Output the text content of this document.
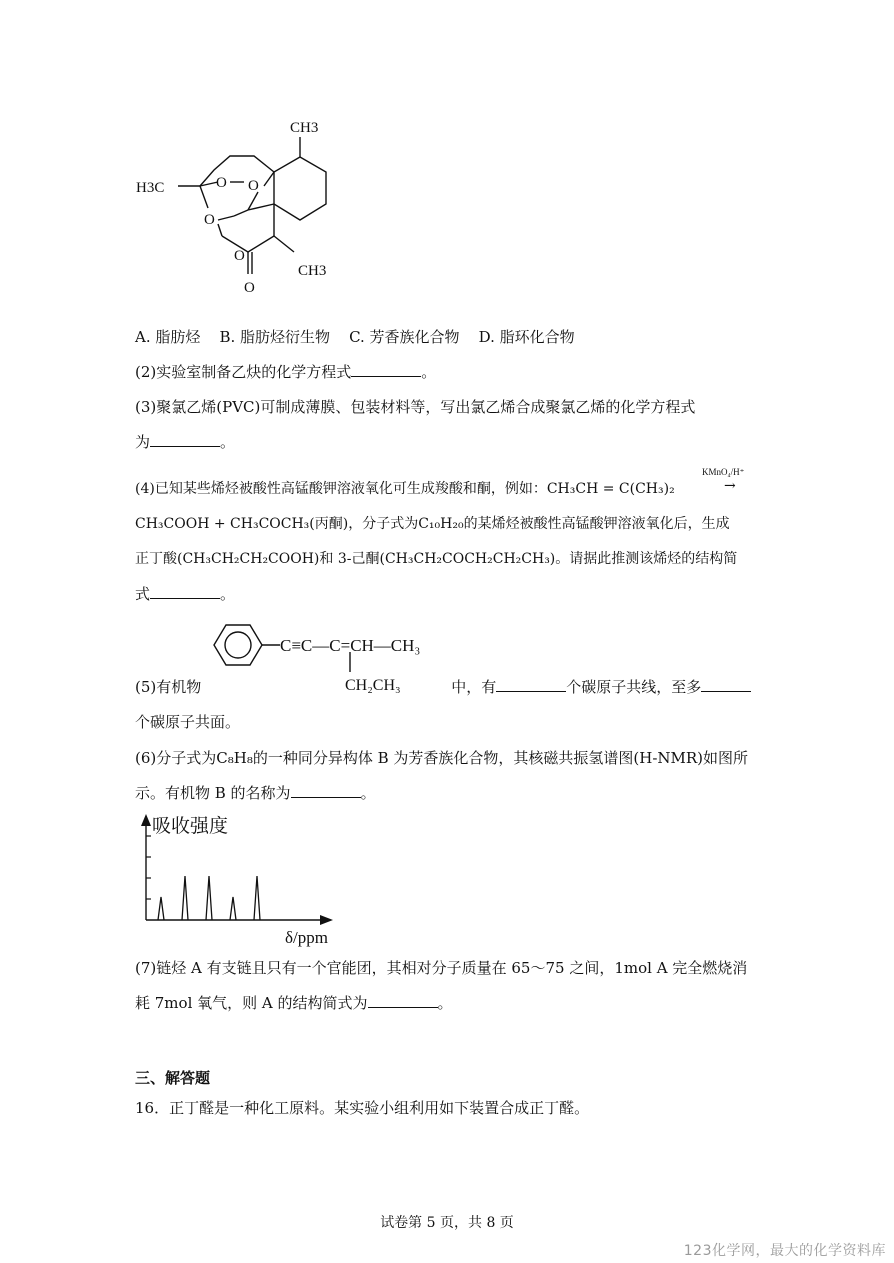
CH3
H3C
CH3
O O
O
O
O
A. 脂肪烃    B. 脂肪烃衍生物    C. 芳香族化合物    D. 脂环化合物
(2)实验室制备乙炔的化学方程式	。
(3)聚氯乙烯(PVC)可制成薄膜、包装材料等，写出氯乙烯合成聚氯乙烯的化学方程式
为	。
(4)已知某些烯烃被酸性高锰酸钾溶液氧化可生成羧酸和酮，例如：CH₃CH = C(CH₃)₂
KMnO₄/H⁺
→
CH₃COOH + CH₃COCH₃(丙酮)，分子式为C₁₀H₂₀的某烯烃被酸性高锰酸钾溶液氧化后，生成
正丁酸(CH₃CH₂CH₂COOH)和 3-己酮(CH₃CH₂COCH₂CH₂CH₃)。请据此推测该烯烃的结构简
式	。
C≡C—C=CH—CH₃
CH₂CH₃
(5)有机物	中，有	个碳原子共线，至多
个碳原子共面。
(6)分子式为C₈H₈的一种同分异构体 B 为芳香族化合物，其核磁共振氢谱图(H-NMR)如图所
示。有机物 B 的名称为	。
吸收强度
δ/ppm
(7)链烃 A 有支链且只有一个官能团，其相对分子质量在 65～75 之间，1mol A 完全燃烧消
耗 7mol 氧气，则 A 的结构简式为	。
三、解答题
16．正丁醛是一种化工原料。某实验小组利用如下装置合成正丁醛。
试卷第 5 页，共 8 页
123化学网，最大的化学资料库
